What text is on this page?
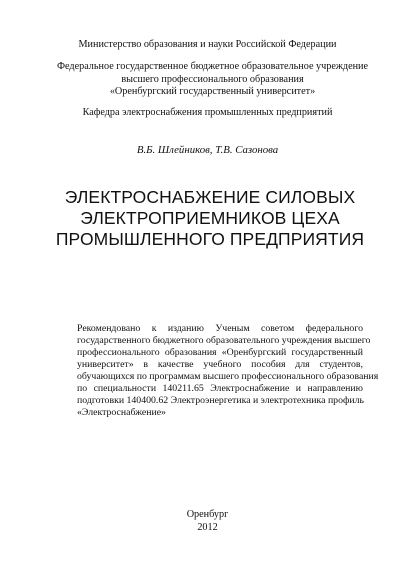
Министерство образования и науки Российской Федерации
Федеральное государственное бюджетное образовательное учреждение
высшего профессионального образования
«Оренбургский государственный университет»
Кафедра электроснабжения промышленных предприятий
В.Б. Шлейников, Т.В. Сазонова
ЭЛЕКТРОСНАБЖЕНИЕ СИЛОВЫХ
ЭЛЕКТРОПРИЕМНИКОВ ЦЕХА
ПРОМЫШЛЕННОГО ПРЕДПРИЯТИЯ
Рекомендовано к изданию Ученым советом федерального
государственного бюджетного образовательного учреждения высшего
профессионального образования «Оренбургский государственный
университет» в качестве учебного пособия для студентов,
обучающихся по программам высшего профессионального образования
по специальности 140211.65 Электроснабжение и направлению
подготовки 140400.62 Электроэнергетика и электротехника профиль
«Электроснабжение»
Оренбург
2012
